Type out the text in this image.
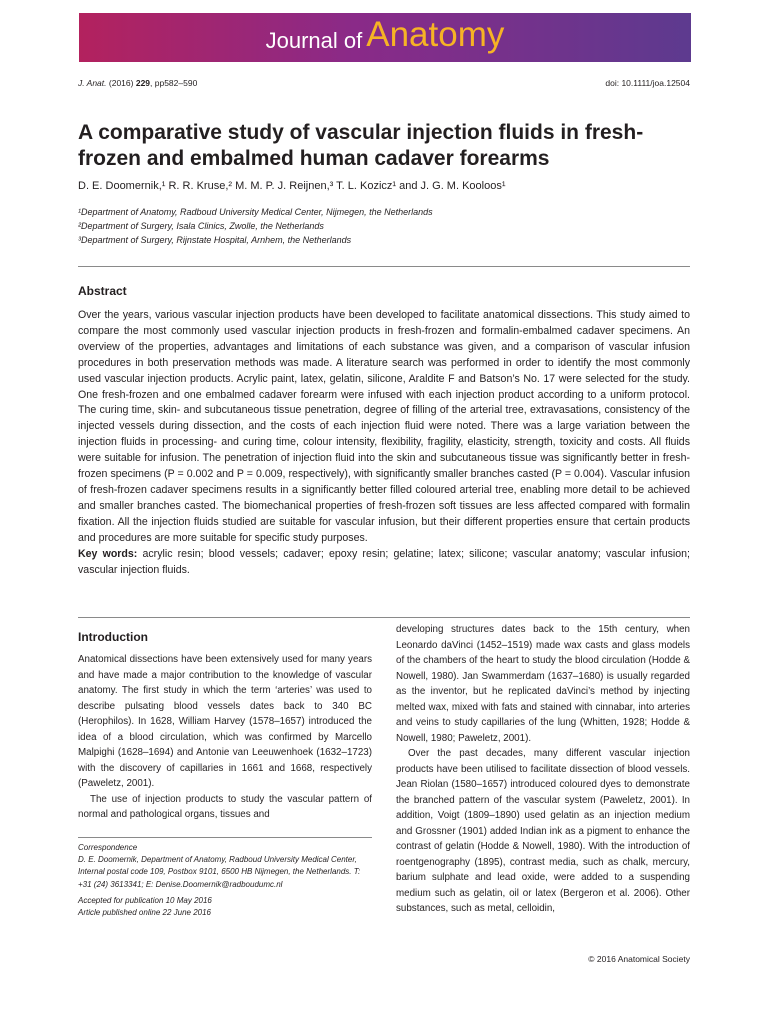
Journal of Anatomy
J. Anat. (2016) 229, pp582–590	doi: 10.1111/joa.12504
A comparative study of vascular injection fluids in fresh-frozen and embalmed human cadaver forearms
D. E. Doomernik,¹ R. R. Kruse,² M. M. P. J. Reijnen,³ T. L. Kozicz¹ and J. G. M. Kooloos¹
¹Department of Anatomy, Radboud University Medical Center, Nijmegen, the Netherlands
²Department of Surgery, Isala Clinics, Zwolle, the Netherlands
³Department of Surgery, Rijnstate Hospital, Arnhem, the Netherlands
Abstract

Over the years, various vascular injection products have been developed to facilitate anatomical dissections. This study aimed to compare the most commonly used vascular injection products in fresh-frozen and formalin-embalmed cadaver specimens. An overview of the properties, advantages and limitations of each substance was given, and a comparison of vascular infusion procedures in both preservation methods was made. A literature search was performed in order to identify the most commonly used vascular injection products. Acrylic paint, latex, gelatin, silicone, Araldite F and Batson’s No. 17 were selected for the study. One fresh-frozen and one embalmed cadaver forearm were infused with each injection product according to a uniform protocol. The curing time, skin- and subcutaneous tissue penetration, degree of filling of the arterial tree, extravasations, consistency of the injected vessels during dissection, and the costs of each injection fluid were noted. There was a large variation between the injection fluids in processing- and curing time, colour intensity, flexibility, fragility, elasticity, strength, toxicity and costs. All fluids were suitable for infusion. The penetration of injection fluid into the skin and subcutaneous tissue was significantly better in fresh-frozen specimens (P = 0.002 and P = 0.009, respectively), with significantly smaller branches casted (P = 0.004). Vascular infusion of fresh-frozen cadaver specimens results in a significantly better filled coloured arterial tree, enabling more detail to be achieved and smaller branches casted. The biomechanical properties of fresh-frozen soft tissues are less affected compared with formalin fixation. All the injection fluids studied are suitable for vascular infusion, but their different properties ensure that certain products and procedures are more suitable for specific study purposes.

Key words: acrylic resin; blood vessels; cadaver; epoxy resin; gelatine; latex; silicone; vascular anatomy; vascular infusion; vascular injection fluids.

Introduction

Anatomical dissections have been extensively used for many years and have made a major contribution to the knowledge of vascular anatomy. The first study in which the term ‘arteries’ was used to describe pulsating blood vessels dates back to 340 BC (Herophilos). In 1628, William Harvey (1578–1657) introduced the idea of a blood circulation, which was confirmed by Marcello Malpighi (1628–1694) and Antonie van Leeuwenhoek (1632–1723) with the discovery of capillaries in 1661 and 1668, respectively (Paweletz, 2001).

The use of injection products to study the vascular pattern of normal and pathological organs, tissues and

developing structures dates back to the 15th century, when Leonardo daVinci (1452–1519) made wax casts and glass models of the chambers of the heart to study the blood circulation (Hodde & Nowell, 1980). Jan Swammerdam (1637–1680) is usually regarded as the inventor, but he replicated daVinci’s method by injecting melted wax, mixed with fats and stained with cinnabar, into arteries and veins to study capillaries of the lung (Whitten, 1928; Hodde & Nowell, 1980; Paweletz, 2001).

Over the past decades, many different vascular injection products have been utilised to facilitate dissection of blood vessels. Jean Riolan (1580–1657) introduced coloured dyes to demonstrate the branched pattern of the vascular system (Paweletz, 2001). In addition, Voigt (1809–1890) used gelatin as an injection medium and Grossner (1901) added Indian ink as a pigment to enhance the contrast of gelatin (Hodde & Nowell, 1980). With the introduction of roentgenography (1895), contrast media, such as chalk, mercury, barium sulphate and lead oxide, were added to a suspending medium such as gelatin, oil or latex (Bergeron et al. 2006). Other substances, such as metal, celloidin,

Correspondence

D. E. Doomernik, Department of Anatomy, Radboud University Medical Center, Internal postal code 109, Postbox 9101, 6500 HB Nijmegen, the Netherlands. T: +31 (24) 3613341; E: Denise.Doomernik@radboudumc.nl

Accepted for publication 10 May 2016

Article published online 22 June 2016

© 2016 Anatomical Society
